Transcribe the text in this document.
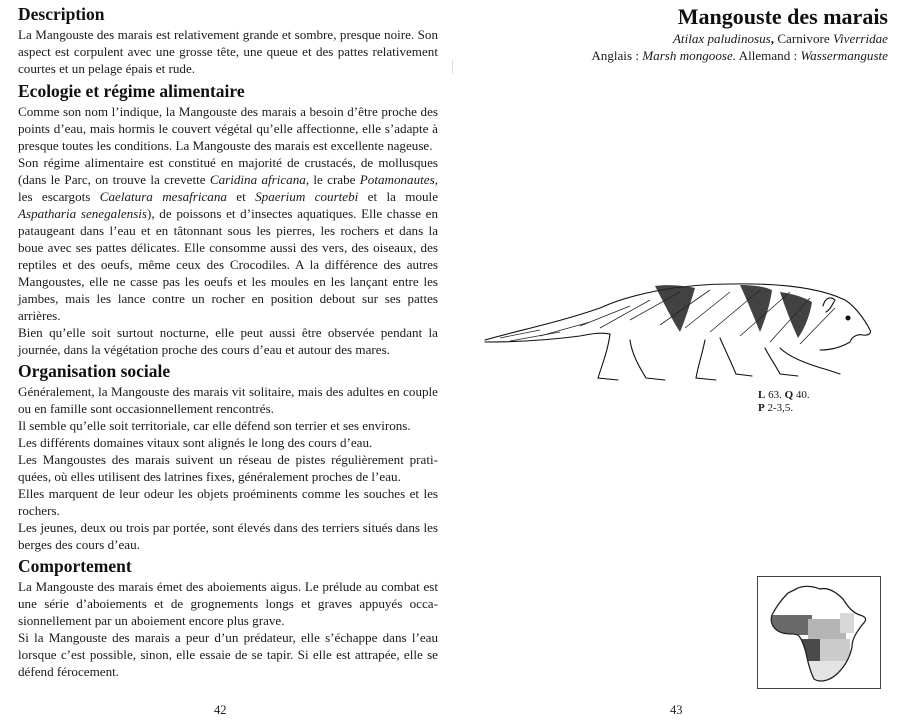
Description

La Mangouste des marais est relativement grande et sombre, presque noire. Son aspect est corpulent avec une grosse tête, une queue et des pattes relativement courtes et un pelage épais et rude.

Ecologie et régime alimentaire

Comme son nom l’indique, la Mangouste des marais a besoin d’être proche des points d’eau, mais hormis le couvert végétal qu’elle affectionne, elle s’adapte à presque toutes les conditions. La Mangouste des marais est excellente nageuse.

Son régime alimentaire est constitué en majorité de crustacés, de mollusques (dans le Parc, on trouve la crevette Caridina africana, le crabe Potamonautes, les escargots Caelatura mesafricana et Spaerium courtebi et la moule Aspatharia senegalensis), de poissons et d’insectes aquatiques. Elle chasse en pataugeant dans l’eau et en tâtonnant sous les pierres, les rochers et dans la boue avec ses pattes délicates. Elle consomme aussi des vers, des oiseaux, des reptiles et des oeufs, même ceux des Crocodiles. A la différence des autres Mangoustes, elle ne casse pas les oeufs et les moules en les lançant entre les jambes, mais les lance contre un rocher en position debout sur ses pattes arrières.

Bien qu’elle soit surtout nocturne, elle peut aussi être observée pendant la journée, dans la végétation proche des cours d’eau et autour des mares.

Organisation sociale

Généralement, la Mangouste des marais vit solitaire, mais des adultes en couple ou en famille sont occasionnellement rencontrés.

Il semble qu’elle soit territoriale, car elle défend son terrier et ses environs.

Les différents domaines vitaux sont alignés le long des cours d’eau.

Les Mangoustes des marais suivent un réseau de pistes régulièrement pratiquées, où elles utilisent des latrines fixes, généralement proches de l’eau.

Elles marquent de leur odeur les objets proéminents comme les souches et les rochers.

Les jeunes, deux ou trois par portée, sont élevés dans des terriers situés dans les berges des cours d’eau.

Comportement

La Mangouste des marais émet des aboiements aigus. Le prélude au combat est une série d’aboiements et de grognements longs et graves appuyés occasionnellement par un aboiement encore plus grave.

Si la Mangouste des marais a peur d’un prédateur, elle s’échappe dans l’eau lorsque c’est possible, sinon, elle essaie de se tapir. Si elle est attrapée, elle se défend férocement.

Mangouste des marais

Atilax paludinosus, Carnivore Viverridae

Anglais : Marsh mongoose. Allemand : Wassermanguste

L 63. Q 40.
P 2-3,5.
42	43
